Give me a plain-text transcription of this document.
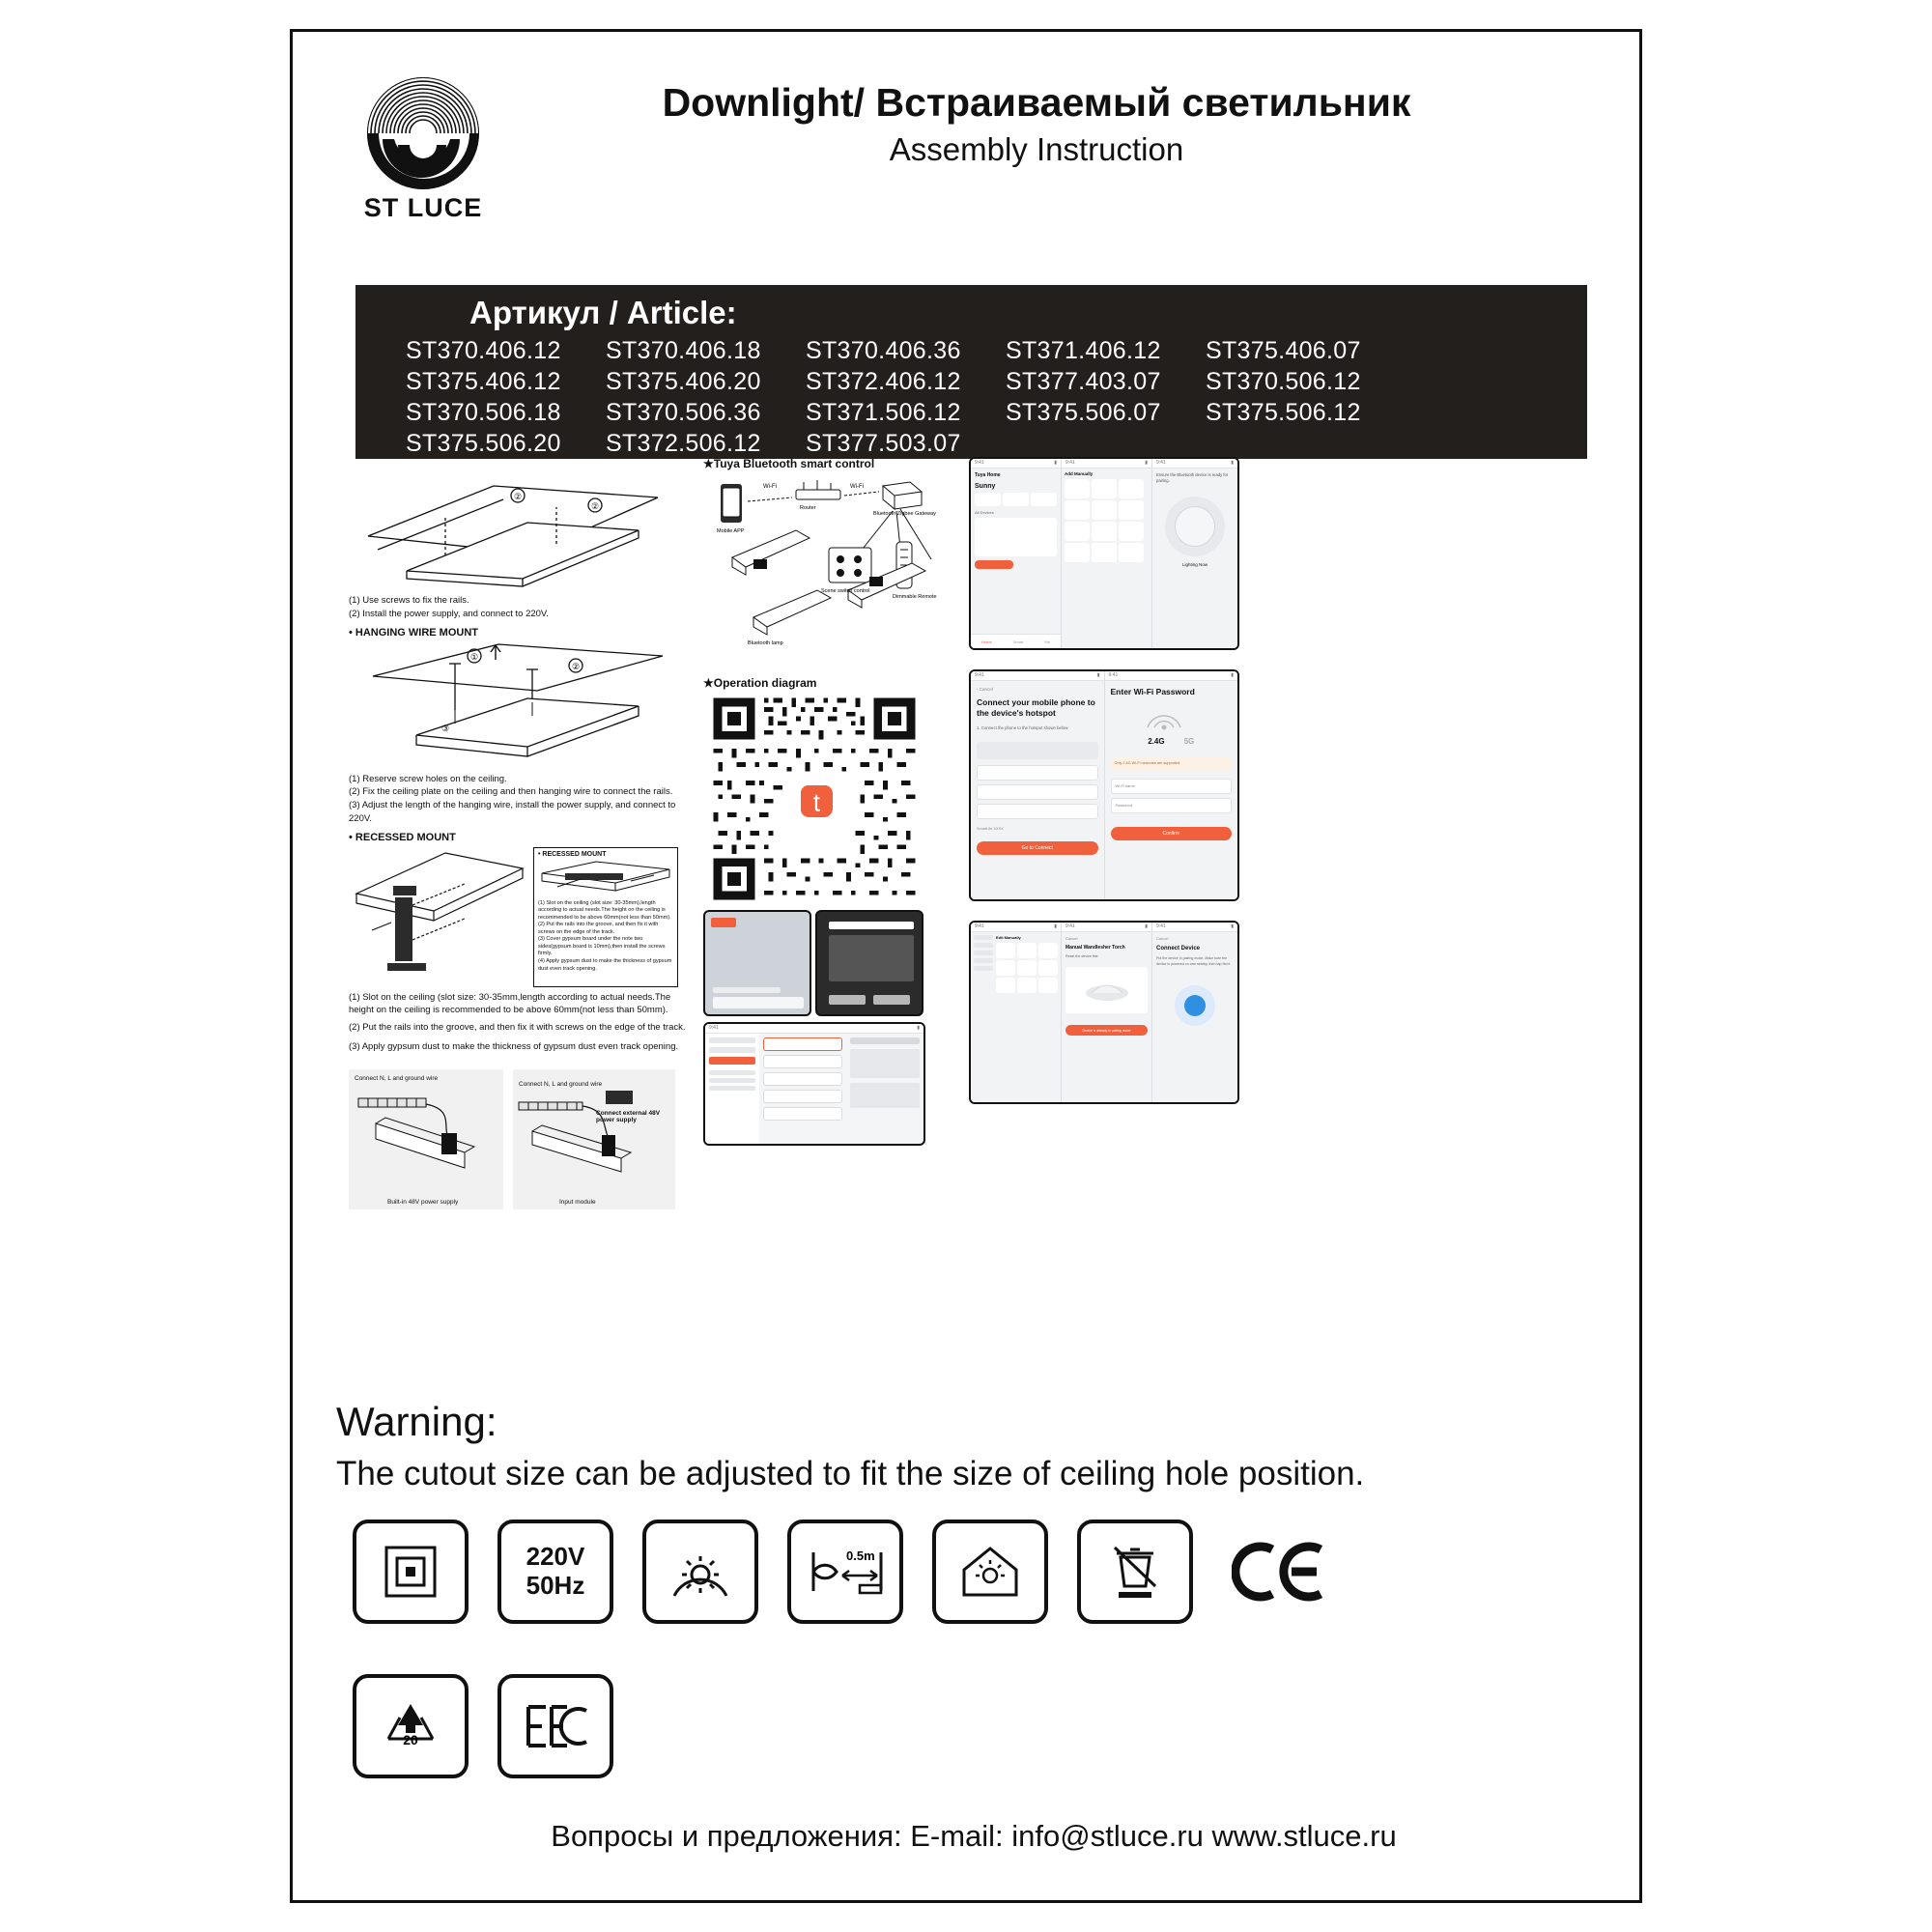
ST LUCE
Downlight/ Встраиваемый светильник
Assembly Instruction
Артикул / Article:
ST370.406.12	ST370.406.18	ST370.406.36	ST371.406.12	ST375.406.07
ST375.406.12	ST375.406.20	ST372.406.12	ST377.403.07	ST370.506.12
ST370.506.18	ST370.506.36	ST371.506.12	ST375.506.07	ST375.506.12
ST375.506.20	ST372.506.12	ST377.503.07
②
②
(1) Use screws to fix the rails.
(2) Install the power supply, and connect to 220V.
• HANGING WIRE MOUNT
①
②
③
(1) Reserve screw holes on the ceiling.
(2) Fix the ceiling plate on the ceiling and then hanging wire to connect the rails.
(3) Adjust the length of the hanging wire, install the power supply, and connect to 220V.
• RECESSED MOUNT
• RECESSED MOUNT
(1) Slot on the ceiling (slot size: 30-35mm),length according to actual needs.The height on the ceiling is recommended to be above 60mm(not less than 50mm).
(2) Put the rails into the groove, and then fix it with screws on the edge of the track.
(3) Cover gypsum board under the note two sides(gypsum board is 10mm),then install the screws firmly.
(4) Apply gypsum dust to make the thickness of gypsum dust even track opening.
(1) Slot on the ceiling (slot size: 30-35mm,length according to actual needs.The height on the ceiling is recommended to be above 60mm(not less than 50mm).
(2) Put the rails into the groove, and then fix it with screws on the edge of the track.
(3) Apply gypsum dust to make the thickness of gypsum dust even track opening.
Connect N, L and ground wire
Built-in 48V power supply
Connect N, L and ground wire
Connect external 48V power supply
Input module
★Tuya Bluetooth smart control
Mobile APP
Router
Bluetooth Zigbee Gateway
Wi-Fi	Wi-Fi
Scene switch control
Dimmable Remote
Bluetooth lamp
★Operation diagram
t
9:41	▮
9:41	▮
Tuya Home
Sunny
All Devices
Home	Smart	Me
9:41	▮
Add Manually
9:41	▮
Ensure the Bluetooth device is ready for pairing.
Lighting Now
9:41	▮
‹ Cancel
Connect your mobile phone to the device's hotspot
1. Connect the phone to the hotspot shown below.
SmartLife-XXXX
Go to Connect
9:41	▮
Enter Wi-Fi Password
2.4G	5G
Only 2.4G Wi-Fi networks are supported
Wi-Fi name
Password
Confirm
9:41	▮
Edit Manually
9:41	▮
Cancel
Manual Wandlesher Torch
Reset the device first
Device is already in pairing mode
9:41	▮
Cancel
Connect Device
Put the device in pairing mode. Make sure the device is powered on and nearby, then tap Next.
Warning:
The cutout size can be adjusted to fit the size of ceiling hole position.
220V
50Hz
0.5m
20
Вопросы и предложения: E-mail: info@stluce.ru www.stluce.ru
